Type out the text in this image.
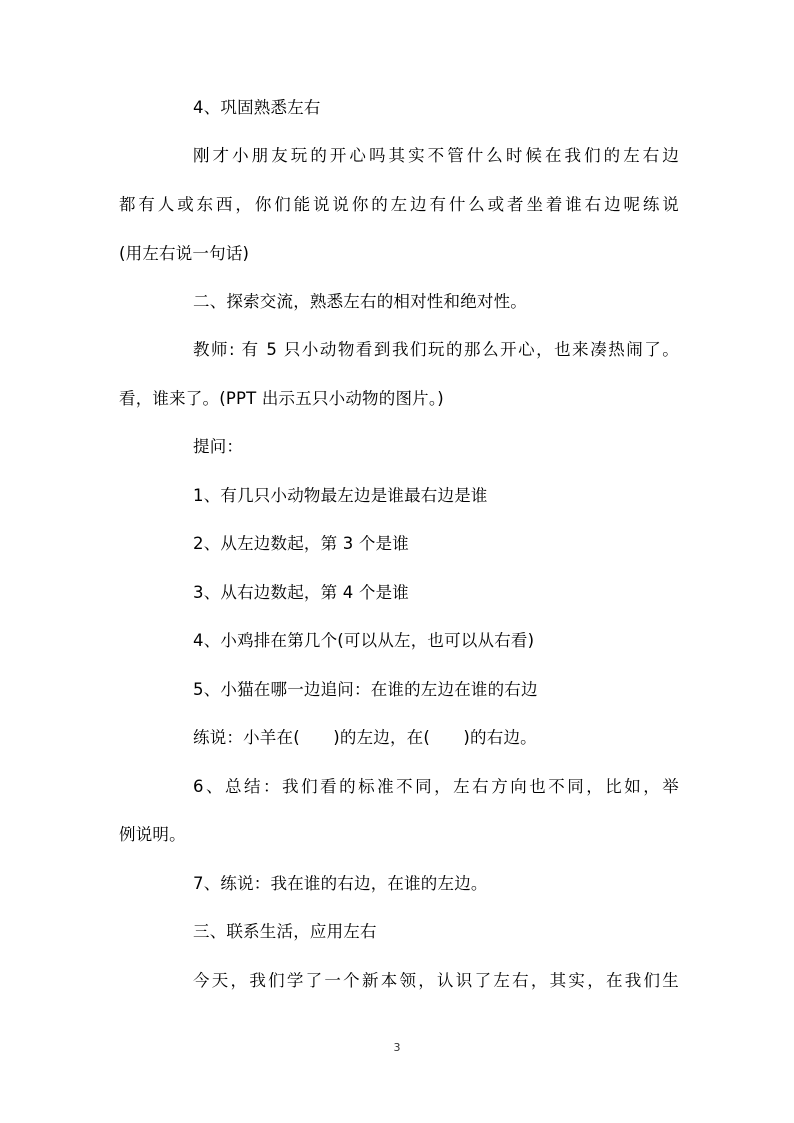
4、巩固熟悉左右
刚才小朋友玩的开心吗其实不管什么时候在我们的左右边
都有人或东西，你们能说说你的左边有什么或者坐着谁右边呢练说
(用左右说一句话)
二、探索交流，熟悉左右的相对性和绝对性。
教师: 有 5 只小动物看到我们玩的那么开心，也来凑热闹了。
看，谁来了。(PPT 出示五只小动物的图片。)
提问：
1、有几只小动物最左边是谁最右边是谁
2、从左边数起，第 3 个是谁
3、从右边数起，第 4 个是谁
4、小鸡排在第几个(可以从左，也可以从右看)
5、小猫在哪一边追问：在谁的左边在谁的右边
练说：小羊在(　　)的左边，在(　　)的右边。
6、总结：我们看的标准不同，左右方向也不同，比如，举
例说明。
7、练说：我在谁的右边，在谁的左边。
三、联系生活，应用左右
今天，我们学了一个新本领，认识了左右，其实，在我们生
3
